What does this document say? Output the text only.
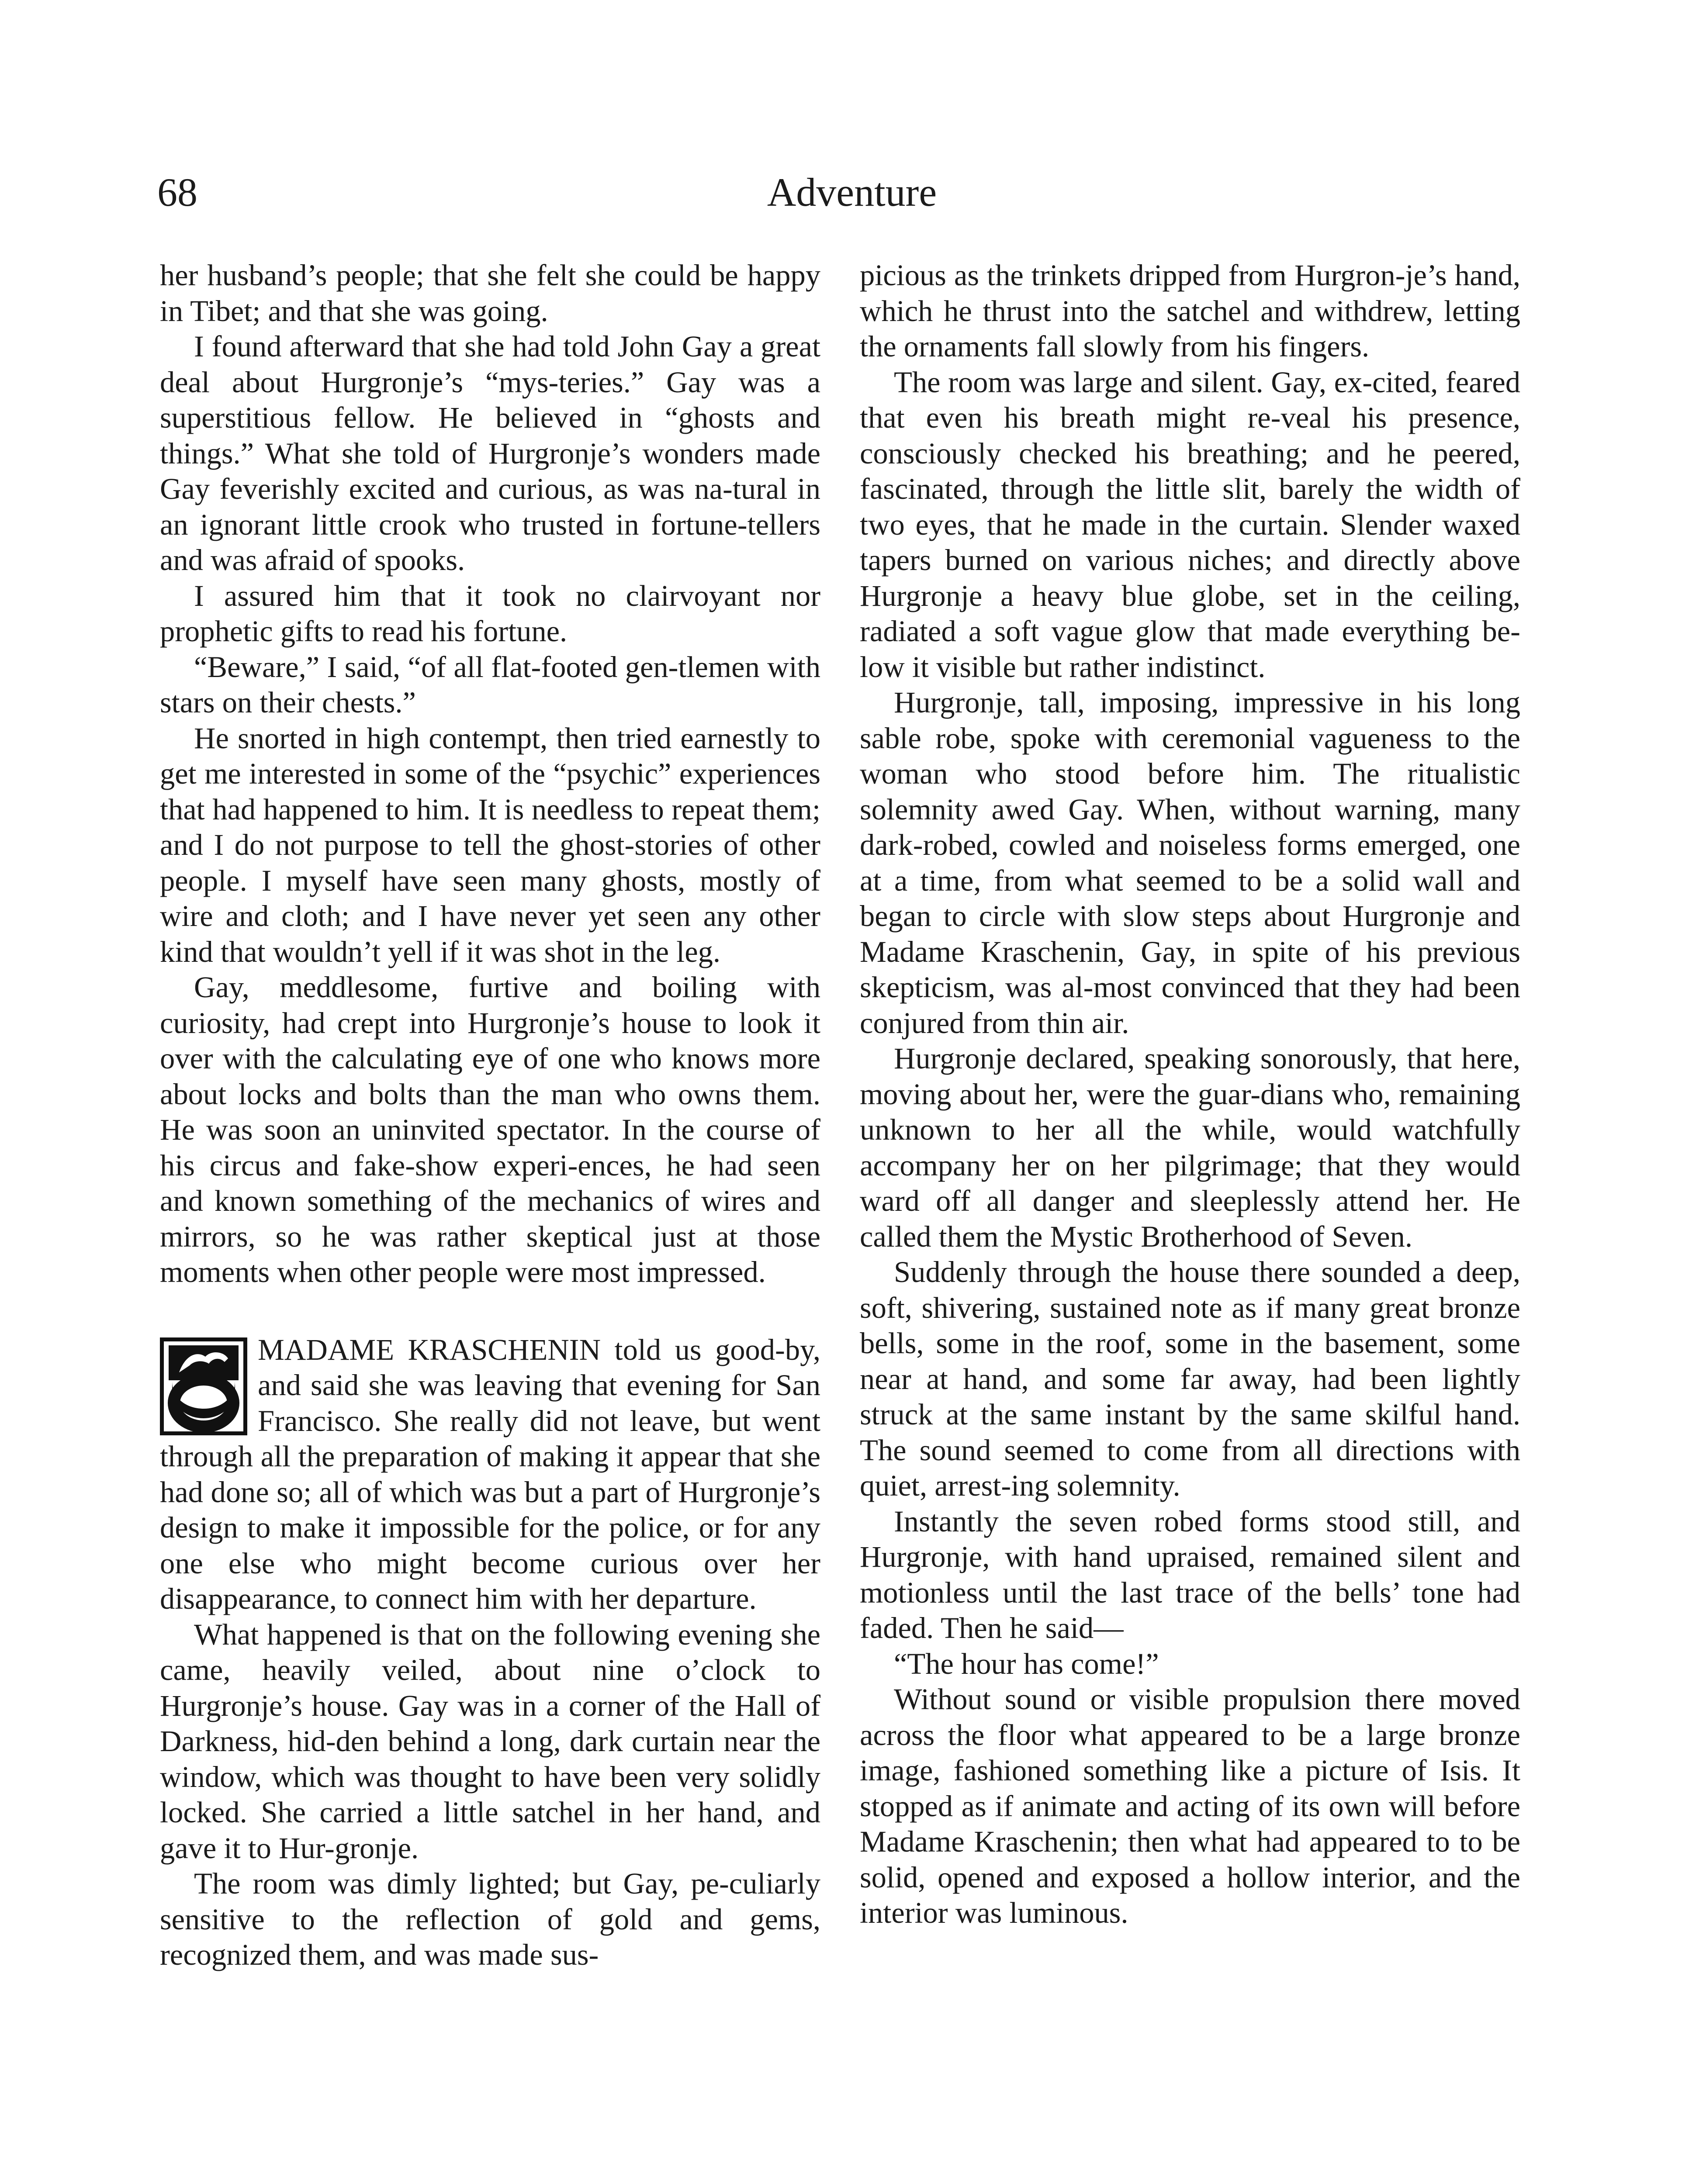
68	Adventure

her husband’s people; that she felt she could be happy in Tibet; and that she was going.

I found afterward that she had told John Gay a great deal about Hurgronje’s “mys-teries.” Gay was a superstitious fellow. He believed in “ghosts and things.” What she told of Hurgronje’s wonders made Gay feverishly excited and curious, as was na-tural in an ignorant little crook who trusted in fortune-tellers and was afraid of spooks.

I assured him that it took no clairvoyant nor prophetic gifts to read his fortune.

“Beware,” I said, “of all flat-footed gen-tlemen with stars on their chests.”

He snorted in high contempt, then tried earnestly to get me interested in some of the “psychic” experiences that had happened to him. It is needless to repeat them; and I do not purpose to tell the ghost-stories of other people. I myself have seen many ghosts, mostly of wire and cloth; and I have never yet seen any other kind that wouldn’t yell if it was shot in the leg.

Gay, meddlesome, furtive and boiling with curiosity, had crept into Hurgronje’s house to look it over with the calculating eye of one who knows more about locks and bolts than the man who owns them. He was soon an uninvited spectator. In the course of his circus and fake-show experi-ences, he had seen and known something of the mechanics of wires and mirrors, so he was rather skeptical just at those moments when other people were most impressed.

MADAME KRASCHENIN told us good-by, and said she was leaving that evening for San Francisco. She really did not leave, but went through all the preparation of making it appear that she had done so; all of which was but a part of Hurgronje’s design to make it impossible for the police, or for any one else who might become curious over her disappearance, to connect him with her departure.

What happened is that on the following evening she came, heavily veiled, about nine o’clock to Hurgronje’s house. Gay was in a corner of the Hall of Darkness, hid-den behind a long, dark curtain near the window, which was thought to have been very solidly locked. She carried a little satchel in her hand, and gave it to Hur-gronje.

The room was dimly lighted; but Gay, pe-culiarly sensitive to the reflection of gold and gems, recognized them, and was made sus-

picious as the trinkets dripped from Hurgron-je’s hand, which he thrust into the satchel and withdrew, letting the ornaments fall slowly from his fingers.

The room was large and silent. Gay, ex-cited, feared that even his breath might re-veal his presence, consciously checked his breathing; and he peered, fascinated, through the little slit, barely the width of two eyes, that he made in the curtain. Slender waxed tapers burned on various niches; and directly above Hurgronje a heavy blue globe, set in the ceiling, radiated a soft vague glow that made everything be-low it visible but rather indistinct.

Hurgronje, tall, imposing, impressive in his long sable robe, spoke with ceremonial vagueness to the woman who stood before him. The ritualistic solemnity awed Gay. When, without warning, many dark-robed, cowled and noiseless forms emerged, one at a time, from what seemed to be a solid wall and began to circle with slow steps about Hurgronje and Madame Kraschenin, Gay, in spite of his previous skepticism, was al-most convinced that they had been conjured from thin air.

Hurgronje declared, speaking sonorously, that here, moving about her, were the guar-dians who, remaining unknown to her all the while, would watchfully accompany her on her pilgrimage; that they would ward off all danger and sleeplessly attend her. He called them the Mystic Brotherhood of Seven.

Suddenly through the house there sounded a deep, soft, shivering, sustained note as if many great bronze bells, some in the roof, some in the basement, some near at hand, and some far away, had been lightly struck at the same instant by the same skilful hand. The sound seemed to come from all directions with quiet, arrest-ing solemnity.

Instantly the seven robed forms stood still, and Hurgronje, with hand upraised, remained silent and motionless until the last trace of the bells’ tone had faded. Then he said—

“The hour has come!”

Without sound or visible propulsion there moved across the floor what appeared to be a large bronze image, fashioned something like a picture of Isis. It stopped as if animate and acting of its own will before Madame Kraschenin; then what had appeared to to be solid, opened and exposed a hollow interior, and the interior was luminous.
